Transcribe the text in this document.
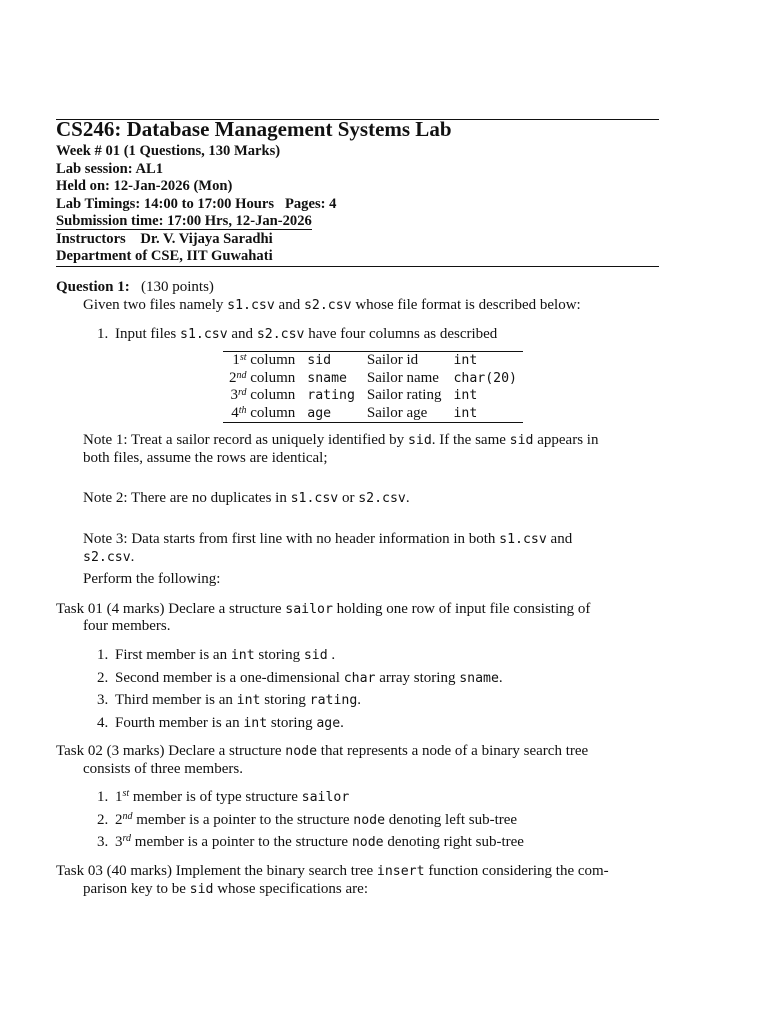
CS246: Database Management Systems Lab
Week # 01 (1 Questions, 130 Marks)
Lab session: AL1
Held on: 12-Jan-2026 (Mon)
Lab Timings: 14:00 to 17:00 Hours Pages: 4
Submission time: 17:00 Hrs, 12-Jan-2026
Instructors Dr. V. Vijaya Saradhi
Department of CSE, IIT Guwahati
Question 1: (130 points)
Given two files namely s1.csv and s2.csv whose file format is described below:
1. Input files s1.csv and s2.csv have four columns as described
1st column	sid	Sailor id	int
2nd column	sname	Sailor name	char(20)
3rd column	rating	Sailor rating	int
4th column	age	Sailor age	int
Note 1: Treat a sailor record as uniquely identified by sid. If the same sid appears in
both files, assume the rows are identical;
Note 2: There are no duplicates in s1.csv or s2.csv.
Note 3: Data starts from first line with no header information in both s1.csv and
s2.csv.
Perform the following:
Task 01 (4 marks) Declare a structure sailor holding one row of input file consisting of
four members.
1. First member is an int storing sid .
2. Second member is a one-dimensional char array storing sname.
3. Third member is an int storing rating.
4. Fourth member is an int storing age.
Task 02 (3 marks) Declare a structure node that represents a node of a binary search tree
consists of three members.
1. 1st member is of type structure sailor
2. 2nd member is a pointer to the structure node denoting left sub-tree
3. 3rd member is a pointer to the structure node denoting right sub-tree
Task 03 (40 marks) Implement the binary search tree insert function considering the com-
parison key to be sid whose specifications are:
